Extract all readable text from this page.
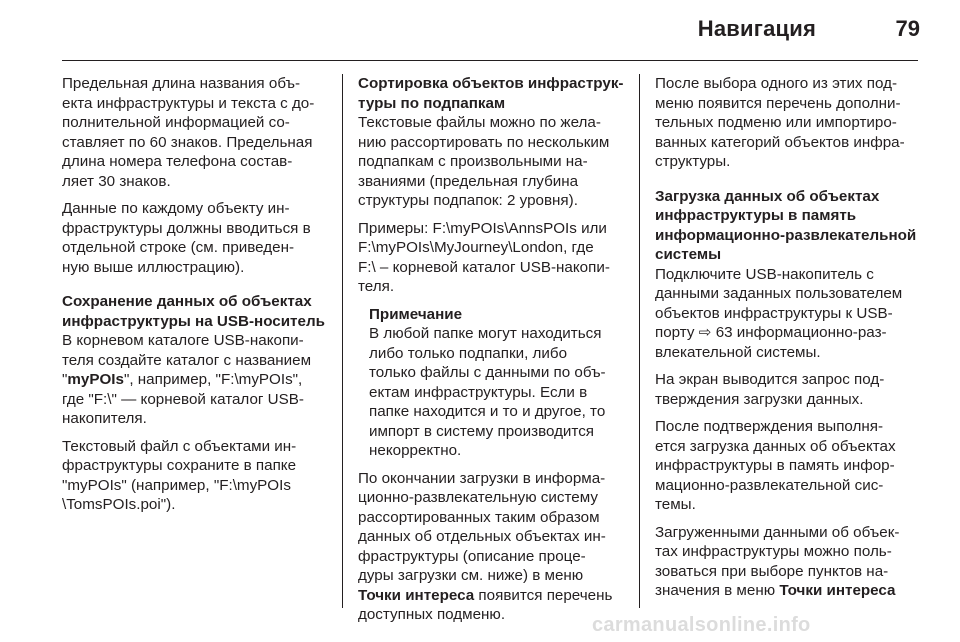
Навигация	79
Предельная длина названия объ-
екта инфраструктуры и текста с до-
полнительной информацией со-
ставляет по 60 знаков. Предельная
длина номера телефона состав-
ляет 30 знаков.
Данные по каждому объекту ин-
фраструктуры должны вводиться в
отдельной строке (см. приведен-
ную выше иллюстрацию).
Сохранение данных об объектах
инфраструктуры на USB-носитель
В корневом каталоге USB-накопи-
теля создайте каталог с названием
"myPOIs", например, "F:\myPOIs",
где "F:\" — корневой каталог USB-
накопителя.
Текстовый файл с объектами ин-
фраструктуры сохраните в папке
"myPOIs" (например, "F:\myPOIs
\TomsPOIs.poi").
Сортировка объектов инфраструк-
туры по подпапкам
Текстовые файлы можно по жела-
нию рассортировать по нескольким
подпапкам с произвольными на-
званиями (предельная глубина
структуры подпапок: 2 уровня).
Примеры: F:\myPOIs\AnnsPOIs или
F:\myPOIs\MyJourney\London, где
F:\ – корневой каталог USB-накопи-
теля.
Примечание
В любой папке могут находиться
либо только подпапки, либо
только файлы с данными по объ-
ектам инфраструктуры. Если в
папке находится и то и другое, то
импорт в систему производится
некорректно.
По окончании загрузки в информа-
ционно-развлекательную систему
рассортированных таким образом
данных об отдельных объектах ин-
фраструктуры (описание проце-
дуры загрузки см. ниже) в меню
Точки интереса появится перечень
доступных подменю.
После выбора одного из этих под-
меню появится перечень дополни-
тельных подменю или импортиро-
ванных категорий объектов инфра-
структуры.
Загрузка данных об объектах
инфраструктуры в память
информационно-развлекательной
системы
Подключите USB-накопитель с
данными заданных пользователем
объектов инфраструктуры к USB-
порту ⇨ 63 информационно-раз-
влекательной системы.
На экран выводится запрос под-
тверждения загрузки данных.
После подтверждения выполня-
ется загрузка данных об объектах
инфраструктуры в память инфор-
мационно-развлекательной сис-
темы.
Загруженными данными об объек-
тах инфраструктуры можно поль-
зоваться при выборе пунктов на-
значения в меню Точки интереса
carmanualsonline.info
